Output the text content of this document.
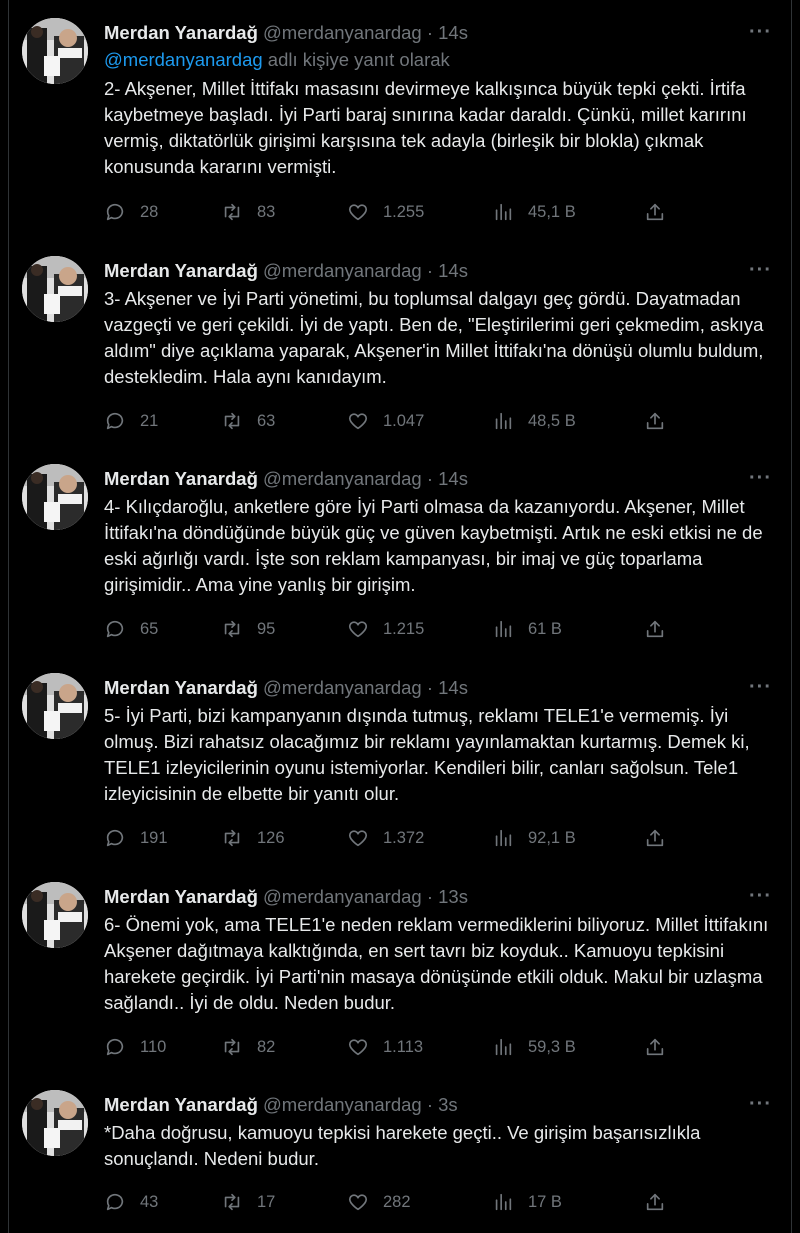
Merdan Yanardağ @merdanyanardag · 14s	···
@merdanyanardag adlı kişiye yanıt olarak
2- Akşener, Millet İttifakı masasını devirmeye kalkışınca büyük tepki çekti. İrtifa kaybetmeye başladı. İyi Parti baraj sınırına kadar daraldı. Çünkü, millet karırını vermiş, diktatörlük girişimi karşısına tek adayla (birleşik bir blokla) çıkmak konusunda kararını vermişti.
28	83	1.255	45,1 B
Merdan Yanardağ @merdanyanardag · 14s	···
3- Akşener ve İyi Parti yönetimi, bu toplumsal dalgayı geç gördü. Dayatmadan vazgeçti ve geri çekildi. İyi de yaptı. Ben de, "Eleştirilerimi geri çekmedim, askıya aldım" diye açıklama yaparak, Akşener'in Millet İttifakı'na dönüşü olumlu buldum, destekledim. Hala aynı kanıdayım.
21	63	1.047	48,5 B
Merdan Yanardağ @merdanyanardag · 14s	···
4- Kılıçdaroğlu, anketlere göre İyi Parti olmasa da kazanıyordu. Akşener, Millet İttifakı'na döndüğünde büyük güç ve güven kaybetmişti. Artık ne eski etkisi ne de eski ağırlığı vardı. İşte son reklam kampanyası, bir imaj ve güç toparlama girişimidir.. Ama yine yanlış bir girişim.
65	95	1.215	61 B
Merdan Yanardağ @merdanyanardag · 14s	···
5- İyi Parti, bizi kampanyanın dışında tutmuş, reklamı TELE1'e vermemiş. İyi olmuş. Bizi rahatsız olacağımız bir reklamı yayınlamaktan kurtarmış. Demek ki, TELE1 izleyicilerinin oyunu istemiyorlar. Kendileri bilir, canları sağolsun. Tele1 izleyicisinin de elbette bir yanıtı olur.
191	126	1.372	92,1 B
Merdan Yanardağ @merdanyanardag · 13s	···
6- Önemi yok, ama TELE1'e neden reklam vermediklerini biliyoruz. Millet İttifakını Akşener dağıtmaya kalktığında, en sert tavrı biz koyduk.. Kamuoyu tepkisini harekete geçirdik. İyi Parti'nin masaya dönüşünde etkili olduk. Makul bir uzlaşma sağlandı.. İyi de oldu. Neden budur.
110	82	1.113	59,3 B
Merdan Yanardağ @merdanyanardag · 3s	···
*Daha doğrusu, kamuoyu tepkisi harekete geçti.. Ve girişim başarısızlıkla sonuçlandı. Nedeni budur.
43	17	282	17 B
